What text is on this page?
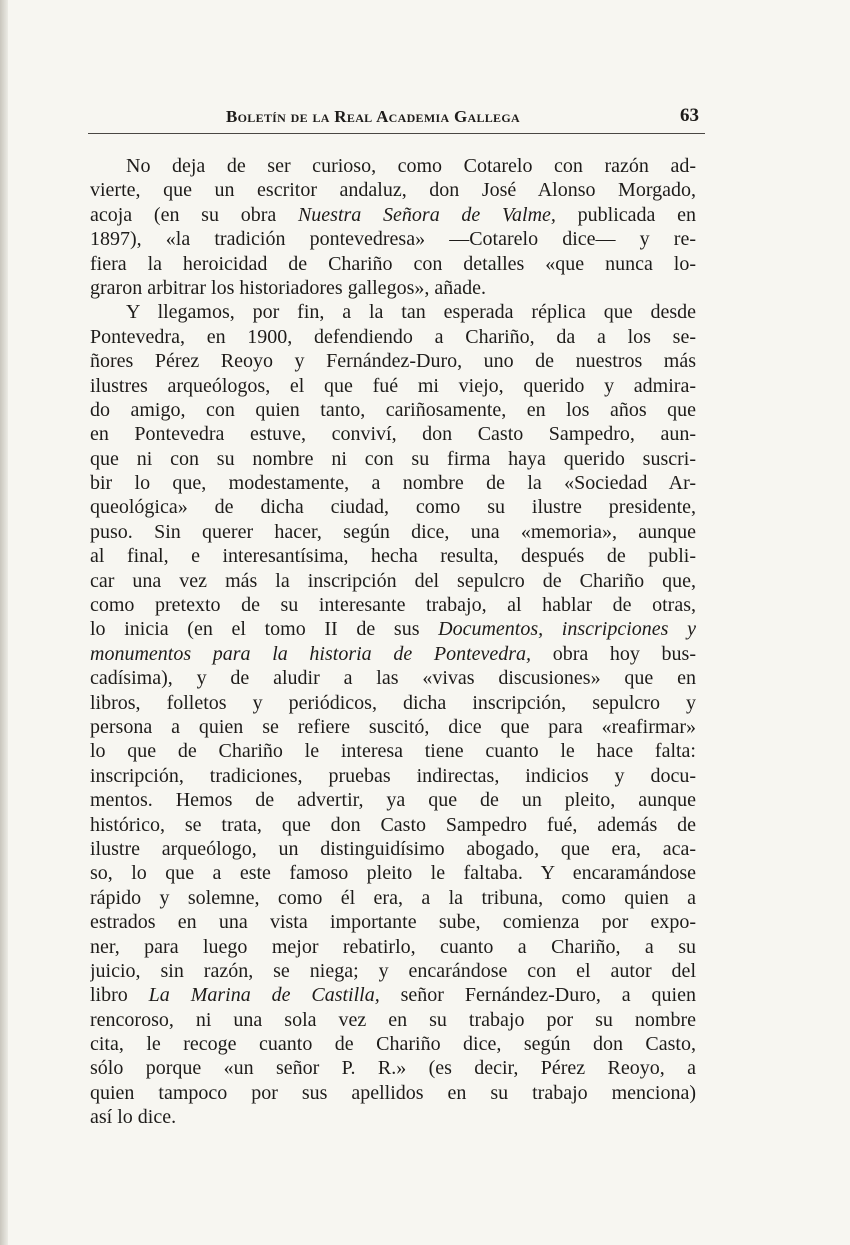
Boletín de la Real Academia Gallega	63
No deja de ser curioso, como Cotarelo con razón ad-
vierte, que un escritor andaluz, don José Alonso Morgado,
acoja (en su obra Nuestra Señora de Valme, publicada en
1897), «la tradición pontevedresa» —Cotarelo dice— y re-
fiera la heroicidad de Chariño con detalles «que nunca lo-
graron arbitrar los historiadores gallegos», añade.
Y llegamos, por fin, a la tan esperada réplica que desde
Pontevedra, en 1900, defendiendo a Chariño, da a los se-
ñores Pérez Reoyo y Fernández-Duro, uno de nuestros más
ilustres arqueólogos, el que fué mi viejo, querido y admira-
do amigo, con quien tanto, cariñosamente, en los años que
en Pontevedra estuve, conviví, don Casto Sampedro, aun-
que ni con su nombre ni con su firma haya querido suscri-
bir lo que, modestamente, a nombre de la «Sociedad Ar-
queológica» de dicha ciudad, como su ilustre presidente,
puso. Sin querer hacer, según dice, una «memoria», aunque
al final, e interesantísima, hecha resulta, después de publi-
car una vez más la inscripción del sepulcro de Chariño que,
como pretexto de su interesante trabajo, al hablar de otras,
lo inicia (en el tomo II de sus Documentos, inscripciones y
monumentos para la historia de Pontevedra, obra hoy bus-
cadísima), y de aludir a las «vivas discusiones» que en
libros, folletos y periódicos, dicha inscripción, sepulcro y
persona a quien se refiere suscitó, dice que para «reafirmar»
lo que de Chariño le interesa tiene cuanto le hace falta:
inscripción, tradiciones, pruebas indirectas, indicios y docu-
mentos. Hemos de advertir, ya que de un pleito, aunque
histórico, se trata, que don Casto Sampedro fué, además de
ilustre arqueólogo, un distinguidísimo abogado, que era, aca-
so, lo que a este famoso pleito le faltaba. Y encaramándose
rápido y solemne, como él era, a la tribuna, como quien a
estrados en una vista importante sube, comienza por expo-
ner, para luego mejor rebatirlo, cuanto a Chariño, a su
juicio, sin razón, se niega; y encarándose con el autor del
libro La Marina de Castilla, señor Fernández-Duro, a quien
rencoroso, ni una sola vez en su trabajo por su nombre
cita, le recoge cuanto de Chariño dice, según don Casto,
sólo porque «un señor P. R.» (es decir, Pérez Reoyo, a
quien tampoco por sus apellidos en su trabajo menciona)
así lo dice.
